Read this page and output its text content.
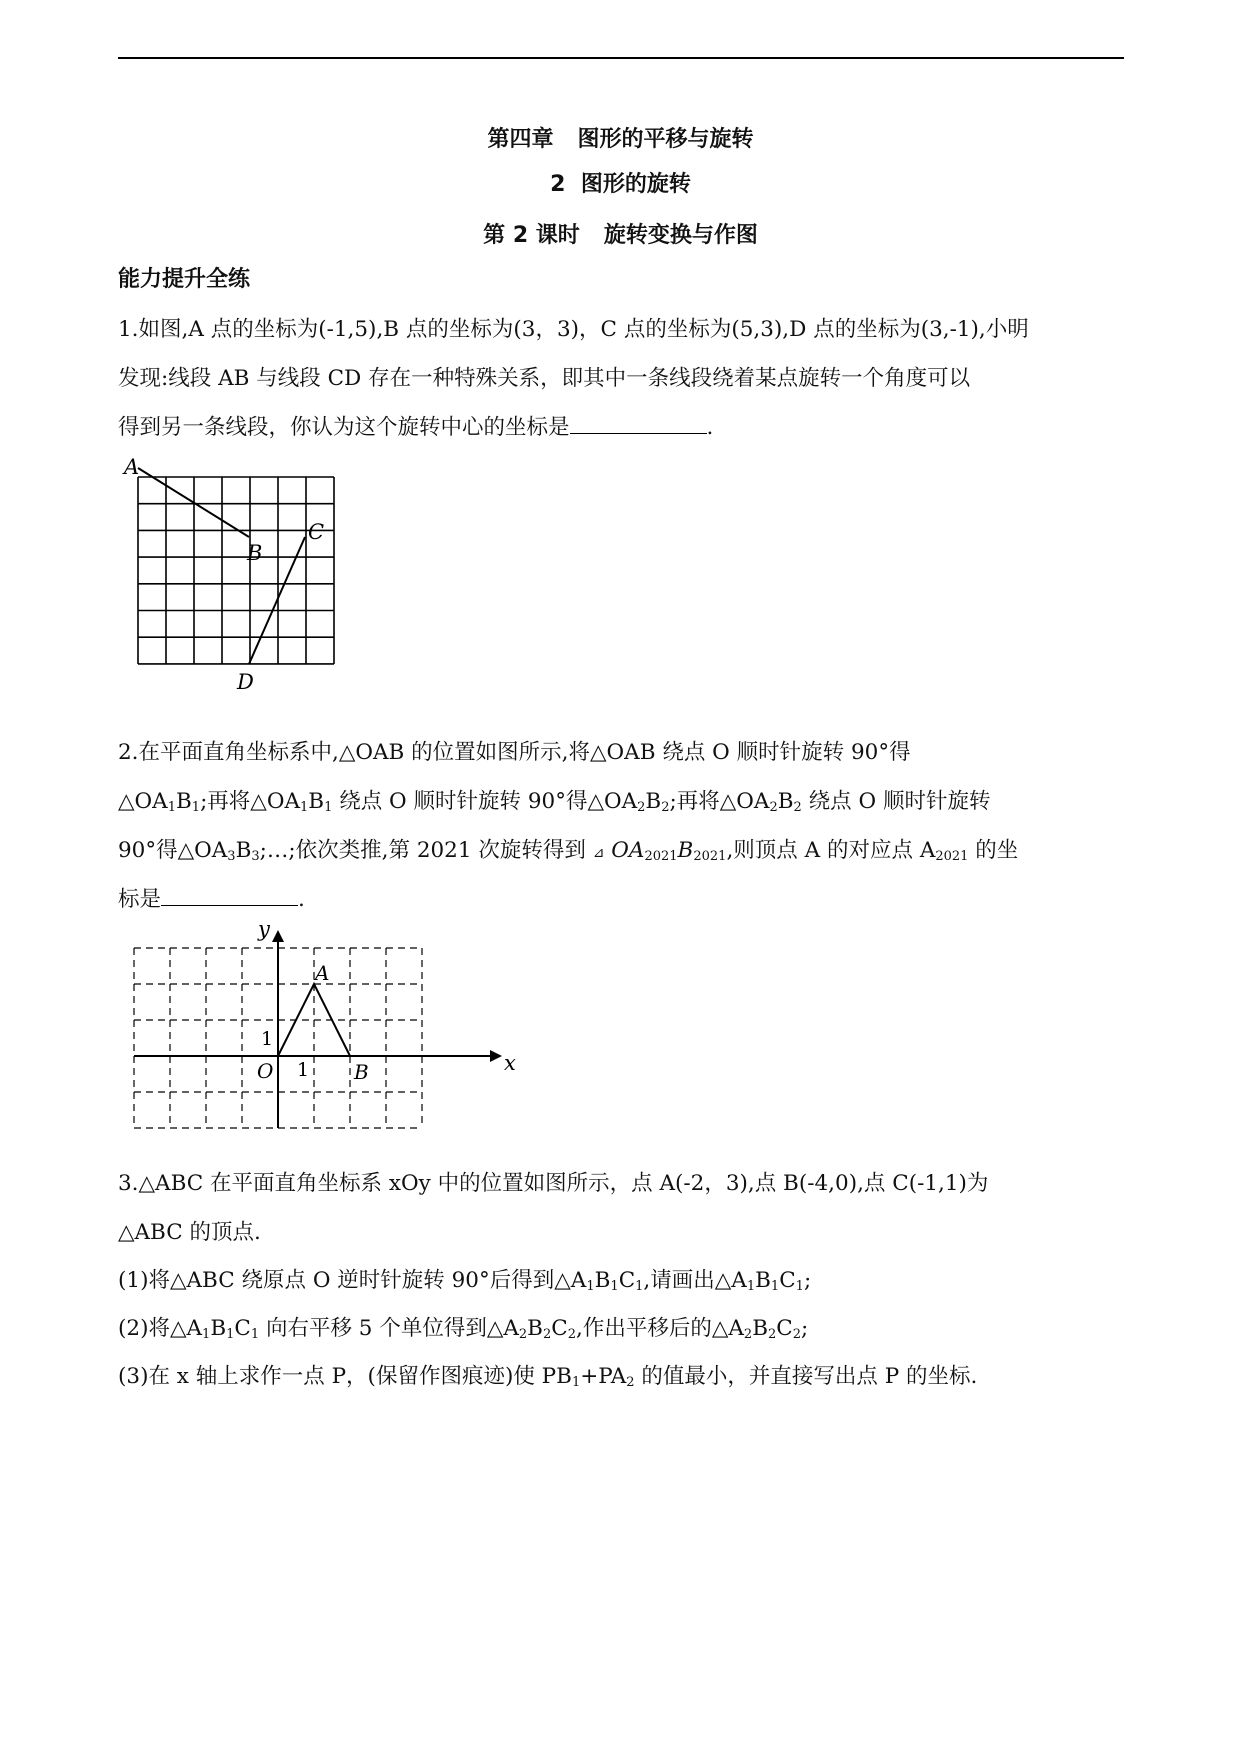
第四章 图形的平移与旋转
2 图形的旋转
第 2 课时 旋转变换与作图
能力提升全练
1.如图,A 点的坐标为(-1,5),B 点的坐标为(3，3)，C 点的坐标为(5,3),D 点的坐标为(3,-1),小明
发现:线段 AB 与线段 CD 存在一种特殊关系，即其中一条线段绕着某点旋转一个角度可以
得到另一条线段，你认为这个旋转中心的坐标是	.
A
B
C
D
2.在平面直角坐标系中,△OAB 的位置如图所示,将△OAB 绕点 O 顺时针旋转 90°得
$\triangle OA_1B_1$;再将$\triangle OA_1B_1$ 绕点 O 顺时针旋转 90°得$\triangle OA_2B_2$;再将$\triangle OA_2B_2$ 绕点 O 顺时针旋转
90°得$\triangle OA_3B_3;\dots$;依次类推,第 2021 次旋转得到 ⊿ $OA_{2021}B_{2021}$,则顶点 A 的对应点 $A_{2021}$ 的坐
标是	.
y
x
O
A
B
1
1
3.△ABC 在平面直角坐标系 xOy 中的位置如图所示，点 A(-2，3),点 B(-4,0),点 C(-1,1)为
△ABC 的顶点.
(1)将△ABC 绕原点 O 逆时针旋转 90°后得到$\triangle A_1B_1C_1$,请画出$\triangle A_1B_1C_1$;
(2)将$\triangle A_1B_1C_1$ 向右平移 5 个单位得到$\triangle A_2B_2C_2$,作出平移后的$\triangle A_2B_2C_2$;
(3)在 x 轴上求作一点 P，(保留作图痕迹)使 $PB_1+PA_2$ 的值最小，并直接写出点 P 的坐标.
